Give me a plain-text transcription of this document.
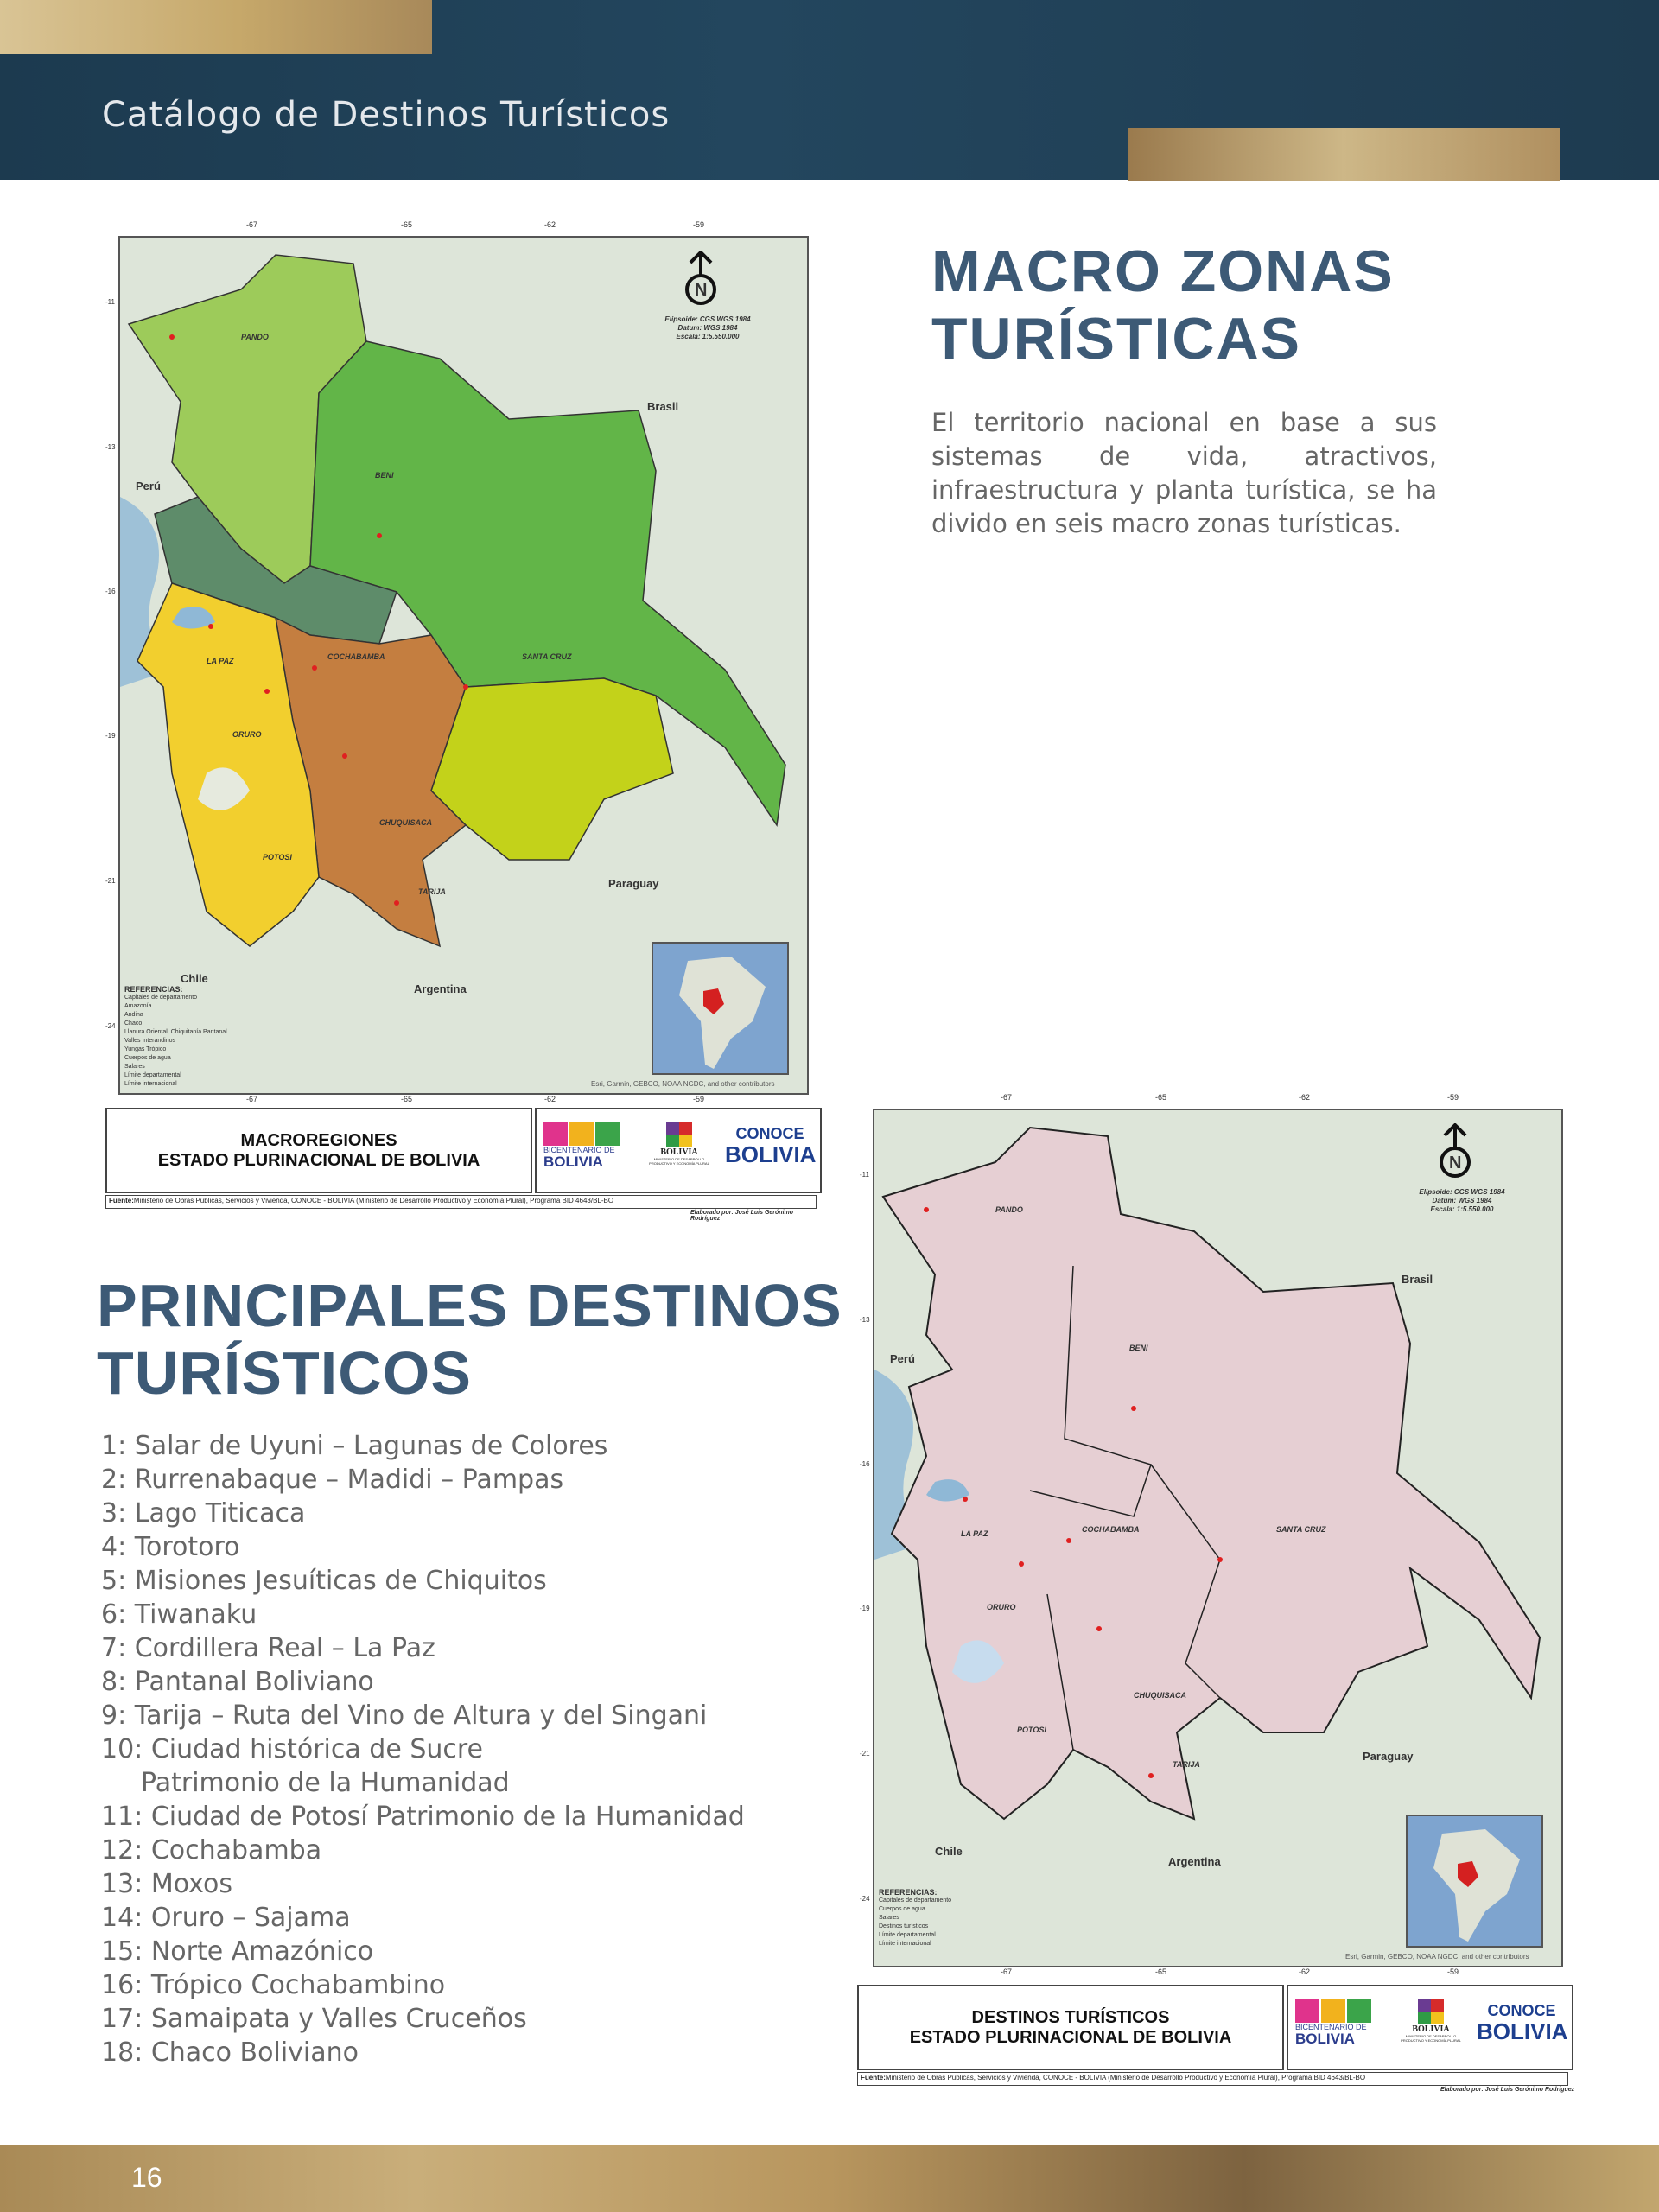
Catálogo de Destinos Turísticos
-67	-65	-62	-59
-11
-13
-16
-19
-21
-24
-67	-65	-62	-59
Brasil
Perú
Paraguay
Chile
Argentina
PANDO
BENI
LA PAZ	COCHABAMBA	SANTA CRUZ
ORURO
POTOSI
CHUQUISACA
TARIJA
N
Elipsoide: CGS WGS 1984
Datum: WGS 1984
Escala: 1:5.550.000
REFERENCIAS:
Capitales de departamento
Amazonía
Andina
Chaco
Llanura Oriental, Chiquitanía Pantanal
Valles Interandinos
Yungas Trópico
Cuerpos de agua
Salares
Límite departamental
Límite internacional	Esri, Garmin, GEBCO, NOAA NGDC, and other contributors
MACROREGIONES
ESTADO PLURINACIONAL DE BOLIVIA
BICENTENARIO DE
BOLIVIA
BOLIVIA
MINISTERIO DE DESARROLLO PRODUCTIVO Y ECONOMÍA PLURAL
CONOCE
BOLIVIA
Fuente:Ministerio de Obras Públicas, Servicios y Vivienda, CONOCE - BOLIVIA (Ministerio de Desarrollo Productivo y Economía Plural), Programa BID 4643/BL-BO
Elaborado por: José Luis Gerónimo Rodríguez
MACRO ZONAS
TURÍSTICAS

El territorio nacional en base a sus sistemas de vida, atractivos, infraestructura y planta turística, se ha divido en seis macro zonas turísticas.

PRINCIPALES DESTINOS
TURÍSTICOS
1: Salar de Uyuni – Lagunas de Colores
2: Rurrenabaque – Madidi – Pampas
3: Lago Titicaca
4: Torotoro
5: Misiones Jesuíticas de Chiquitos
6: Tiwanaku
7: Cordillera Real – La Paz
8: Pantanal Boliviano
9: Tarija – Ruta del Vino de Altura y del Singani
10: Ciudad histórica de Sucre
Patrimonio de la Humanidad
11: Ciudad de Potosí Patrimonio de la Humanidad
12: Cochabamba
13: Moxos
14: Oruro – Sajama
15: Norte Amazónico
16: Trópico Cochabambino
17: Samaipata y Valles Cruceños
18: Chaco Boliviano
-67	-65	-62	-59
-11
-13
-16
-19
-21
-24
-67	-65	-62	-59
Brasil
Perú
Paraguay
Chile
Argentina
PANDO
BENI
LA PAZ	COCHABAMBA	SANTA CRUZ
ORURO
POTOSI
CHUQUISACA
TARIJA
N
Elipsoide: CGS WGS 1984
Datum: WGS 1984
Escala: 1:5.550.000
REFERENCIAS:
Capitales de departamento
Cuerpos de agua
Salares
Destinos turísticos
Límite departamental
Límite internacional
Esri, Garmin, GEBCO, NOAA NGDC, and other contributors
DESTINOS TURÍSTICOS
ESTADO PLURINACIONAL DE BOLIVIA
BICENTENARIO DE
BOLIVIA
BOLIVIA
MINISTERIO DE DESARROLLO PRODUCTIVO Y ECONOMÍA PLURAL
CONOCE
BOLIVIA
Fuente:Ministerio de Obras Públicas, Servicios y Vivienda, CONOCE - BOLIVIA (Ministerio de Desarrollo Productivo y Economía Plural), Programa BID 4643/BL-BO
Elaborado por: José Luis Gerónimo Rodríguez
16
